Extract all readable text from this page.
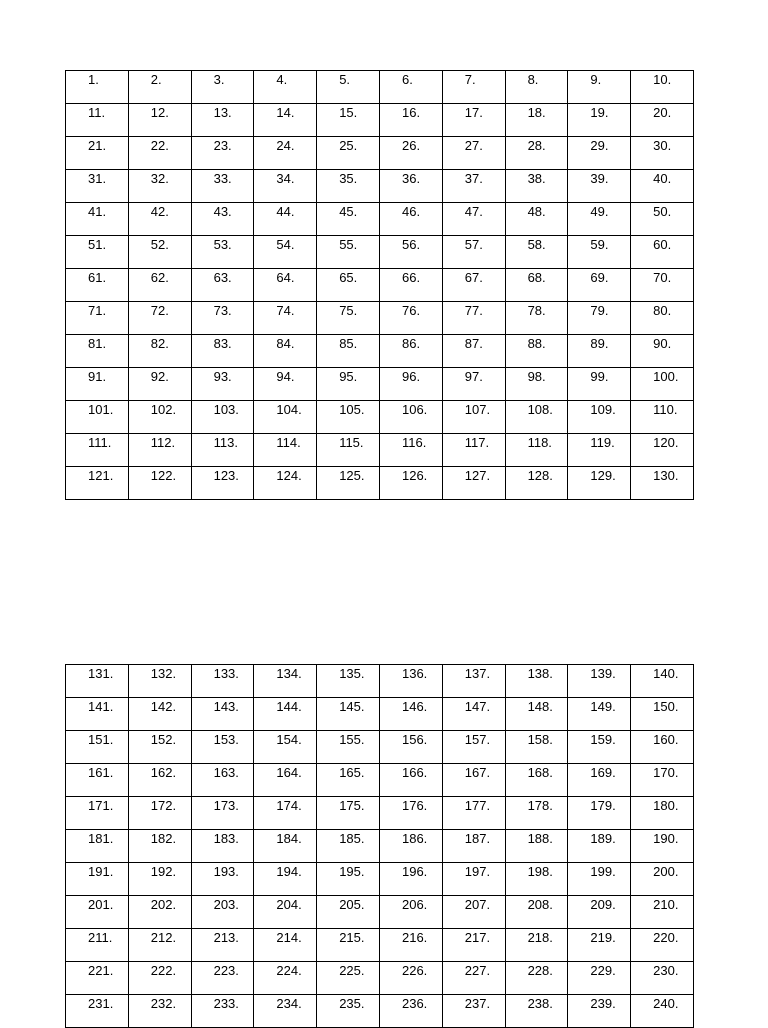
1.	2.	3.	4.	5.	6.	7.	8.	9.	10.

11.	12.	13.	14.	15.	16.	17.	18.	19.	20.

21.	22.	23.	24.	25.	26.	27.	28.	29.	30.

31.	32.	33.	34.	35.	36.	37.	38.	39.	40.

41.	42.	43.	44.	45.	46.	47.	48.	49.	50.

51.	52.	53.	54.	55.	56.	57.	58.	59.	60.

61.	62.	63.	64.	65.	66.	67.	68.	69.	70.

71.	72.	73.	74.	75.	76.	77.	78.	79.	80.

81.	82.	83.	84.	85.	86.	87.	88.	89.	90.

91.	92.	93.	94.	95.	96.	97.	98.	99.	100.

101.	102.	103.	104.	105.	106.	107.	108.	109.	110.

111.	112.	113.	114.	115.	116.	117.	118.	119.	120.

121.	122.	123.	124.	125.	126.	127.	128.	129.	130.
131.	132.	133.	134.	135.	136.	137.	138.	139.	140.

141.	142.	143.	144.	145.	146.	147.	148.	149.	150.

151.	152.	153.	154.	155.	156.	157.	158.	159.	160.

161.	162.	163.	164.	165.	166.	167.	168.	169.	170.

171.	172.	173.	174.	175.	176.	177.	178.	179.	180.

181.	182.	183.	184.	185.	186.	187.	188.	189.	190.

191.	192.	193.	194.	195.	196.	197.	198.	199.	200.

201.	202.	203.	204.	205.	206.	207.	208.	209.	210.

211.	212.	213.	214.	215.	216.	217.	218.	219.	220.

221.	222.	223.	224.	225.	226.	227.	228.	229.	230.

231.	232.	233.	234.	235.	236.	237.	238.	239.	240.
